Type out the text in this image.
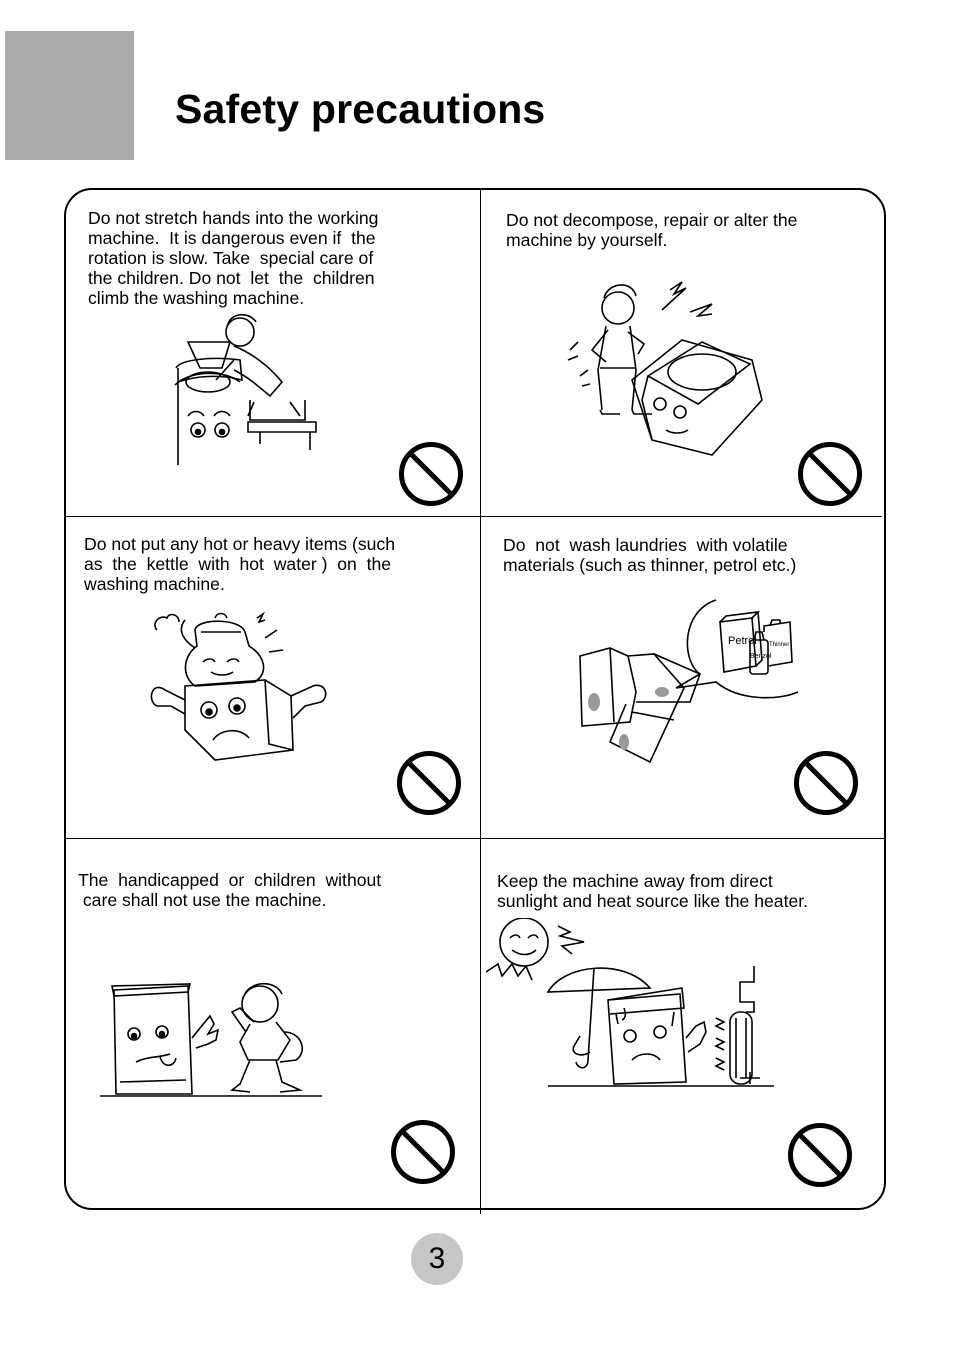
Safety precautions

Do not stretch hands into the working
machine.  It is dangerous even if  the
rotation is slow. Take  special care of
the children. Do not  let  the  children
climb the washing machine.

Do not decompose, repair or alter the
machine by yourself.

Do not put any hot or heavy items (such
as  the  kettle  with  hot  water )  on  the
washing machine.

Do  not  wash laundries  with volatile
materials (such as thinner, petrol etc.)

Petrol
Benzol
Thinner

The  handicapped  or  children  without
care shall not use the machine.

Keep the machine away from direct
sunlight and heat source like the heater.

3
